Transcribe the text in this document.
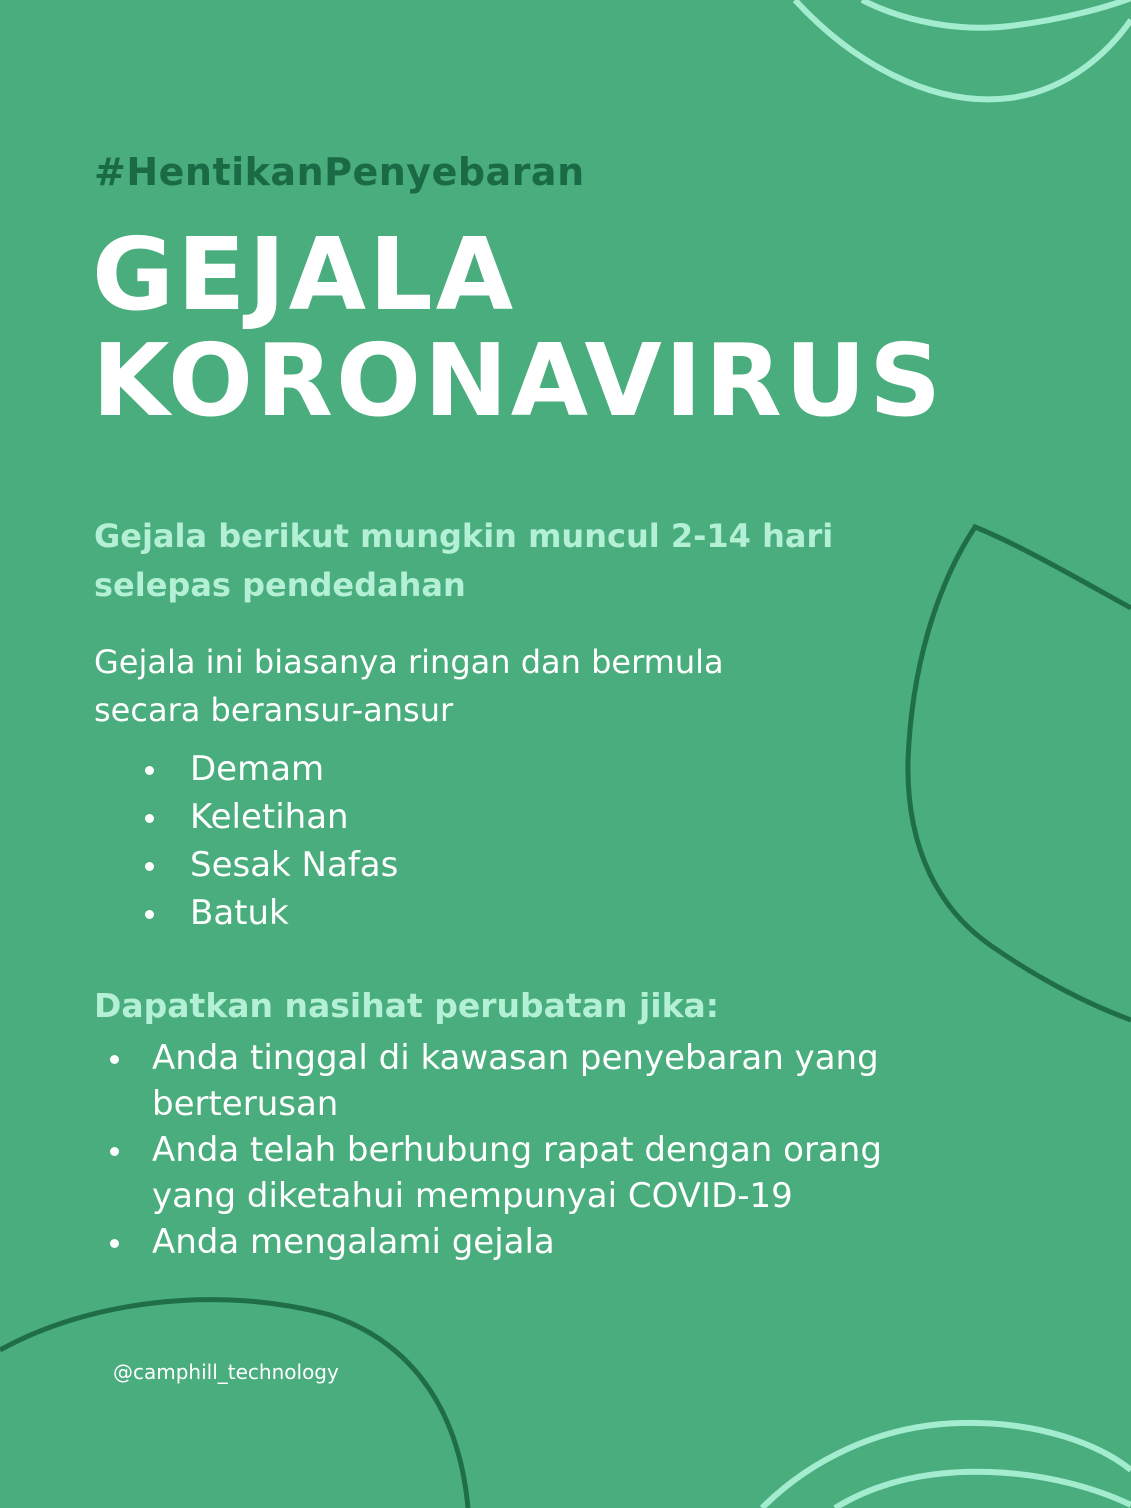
#HentikanPenyebaran
GEJALA
KORONAVIRUS
Gejala berikut mungkin muncul 2-14 hari selepas pendedahan
Gejala ini biasanya ringan dan bermula secara beransur-ansur
Demam
Keletihan
Sesak Nafas
Batuk
Dapatkan nasihat perubatan jika:
Anda tinggal di kawasan penyebaran yang berterusan
Anda telah berhubung rapat dengan orang yang diketahui mempunyai COVID-19
Anda mengalami gejala
@camphill_technology
